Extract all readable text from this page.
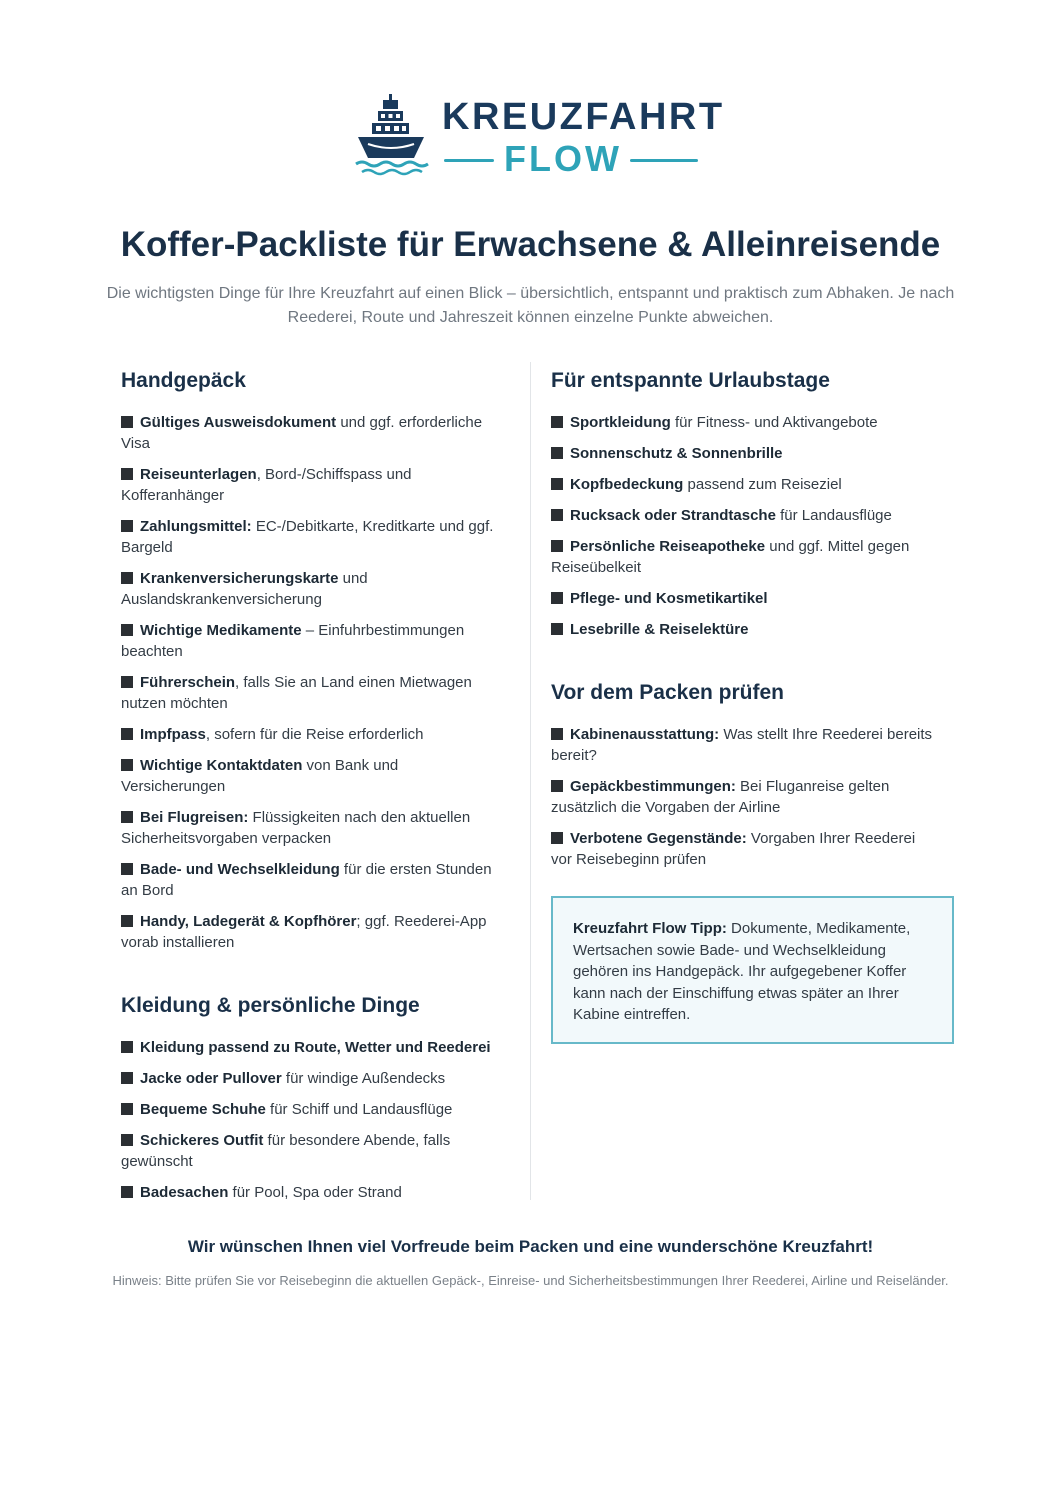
KREUZFAHRT
FLOW
Koffer-Packliste für Erwachsene & Alleinreisende

Die wichtigsten Dinge für Ihre Kreuzfahrt auf einen Blick – übersichtlich, entspannt und praktisch zum Abhaken. Je nach Reederei, Route und Jahreszeit können einzelne Punkte abweichen.

Handgepäck
Gültiges Ausweisdokument und ggf. erforderliche Visa
Reiseunterlagen, Bord-/Schiffspass und Kofferanhänger
Zahlungsmittel: EC-/Debitkarte, Kreditkarte und ggf. Bargeld
Krankenversicherungskarte und Auslandskrankenversicherung
Wichtige Medikamente – Einfuhrbestimmungen beachten
Führerschein, falls Sie an Land einen Mietwagen nutzen möchten
Impfpass, sofern für die Reise erforderlich
Wichtige Kontaktdaten von Bank und Versicherungen
Bei Flugreisen: Flüssigkeiten nach den aktuellen Sicherheitsvorgaben verpacken
Bade- und Wechselkleidung für die ersten Stunden an Bord
Handy, Ladegerät & Kopfhörer; ggf. Reederei-App vorab installieren
Kleidung & persönliche Dinge
Kleidung passend zu Route, Wetter und Reederei
Jacke oder Pullover für windige Außendecks
Bequeme Schuhe für Schiff und Landausflüge
Schickeres Outfit für besondere Abende, falls gewünscht
Badesachen für Pool, Spa oder Strand
Für entspannte Urlaubstage
Sportkleidung für Fitness- und Aktivangebote
Sonnenschutz & Sonnenbrille
Kopfbedeckung passend zum Reiseziel
Rucksack oder Strandtasche für Landausflüge
Persönliche Reiseapotheke und ggf. Mittel gegen Reiseübelkeit
Pflege- und Kosmetikartikel
Lesebrille & Reiselektüre
Vor dem Packen prüfen
Kabinenausstattung: Was stellt Ihre Reederei bereits bereit?
Gepäckbestimmungen: Bei Fluganreise gelten zusätzlich die Vorgaben der Airline
Verbotene Gegenstände: Vorgaben Ihrer Reederei vor Reisebeginn prüfen
Kreuzfahrt Flow Tipp: Dokumente, Medikamente, Wertsachen sowie Bade- und Wechselkleidung gehören ins Handgepäck. Ihr aufgegebener Koffer kann nach der Einschiffung etwas später an Ihrer Kabine eintreffen.

Wir wünschen Ihnen viel Vorfreude beim Packen und eine wunderschöne Kreuzfahrt!

Hinweis: Bitte prüfen Sie vor Reisebeginn die aktuellen Gepäck-, Einreise- und Sicherheitsbestimmungen Ihrer Reederei, Airline und Reiseländer.
